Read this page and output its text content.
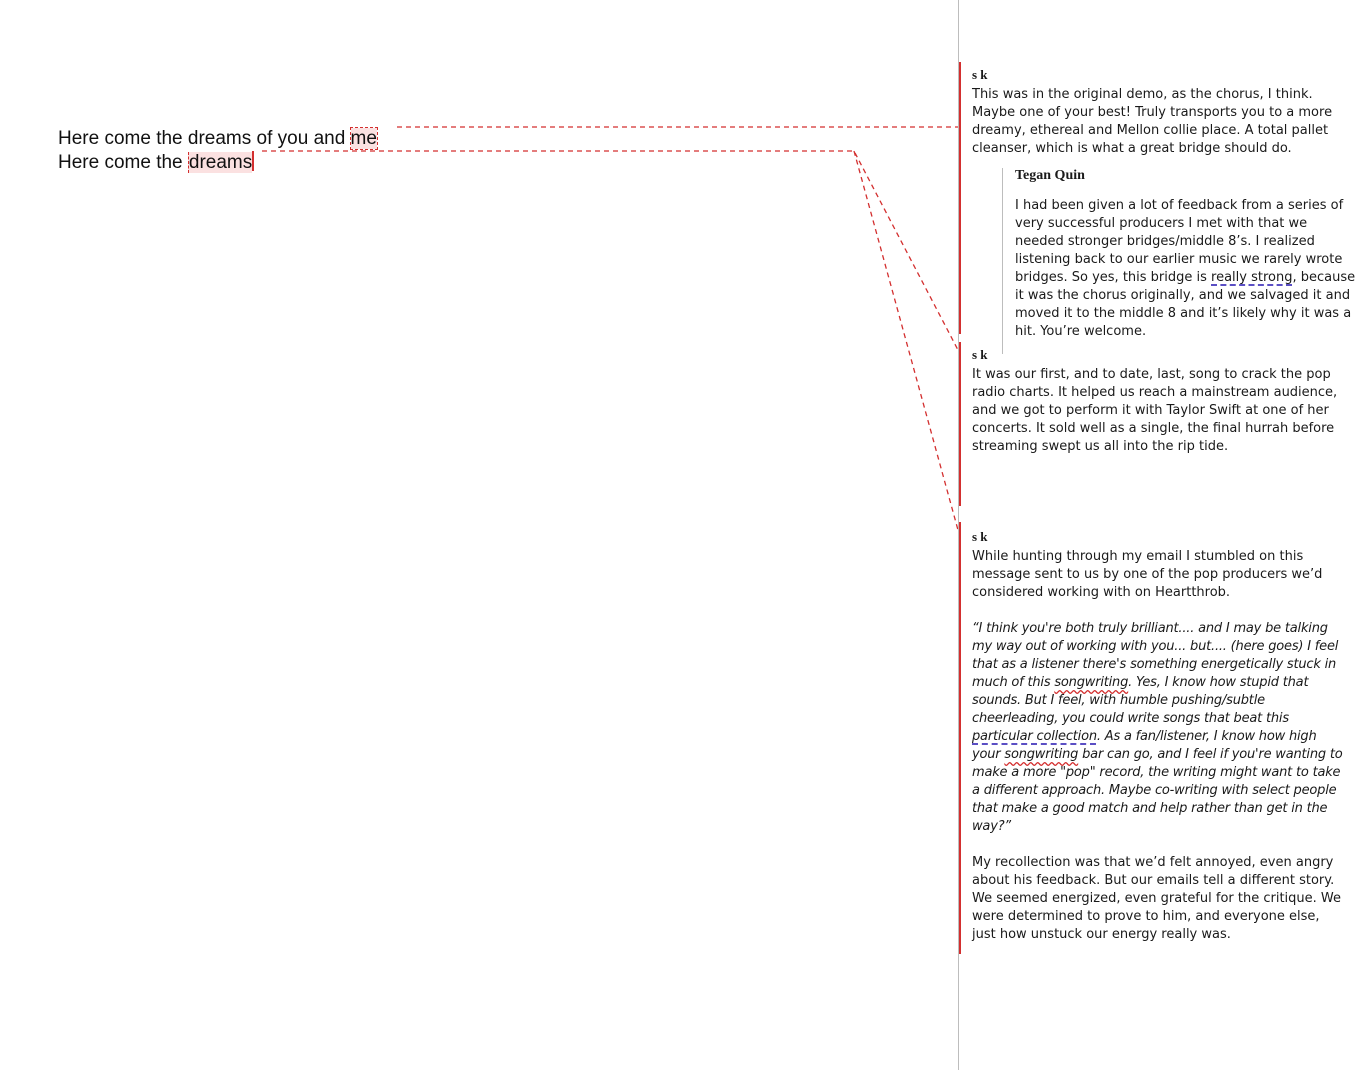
Here come the dreams of you and me
Here come the dreams
s k

This was in the original demo, as the chorus, I think. Maybe one of your best! Truly transports you to a more dreamy, ethereal and Mellon collie place. A total pallet cleanser, which is what a great bridge should do.

Tegan Quin

I had been given a lot of feedback from a series of very successful producers I met with that we needed stronger bridges/middle 8’s. I realized listening back to our earlier music we rarely wrote bridges. So yes, this bridge is really strong, because it was the chorus originally, and we salvaged it and moved it to the middle 8 and it’s likely why it was a hit. You’re welcome.

s k

It was our first, and to date, last, song to crack the pop radio charts. It helped us reach a mainstream audience, and we got to perform it with Taylor Swift at one of her concerts. It sold well as a single, the final hurrah before streaming swept us all into the rip tide.

s k

While hunting through my email I stumbled on this message sent to us by one of the pop producers we’d considered working with on Heartthrob.

“I think you're both truly brilliant.... and I may be talking my way out of working with you... but.... (here goes) I feel that as a listener there's something energetically stuck in much of this songwriting. Yes, I know how stupid that sounds. But I feel, with humble pushing/subtle cheerleading, you could write songs that beat this particular collection. As a fan/listener, I know how high your songwriting bar can go, and I feel if you're wanting to make a more "pop" record, the writing might want to take a different approach. Maybe co-writing with select people that make a good match and help rather than get in the way?”

My recollection was that we’d felt annoyed, even angry about his feedback. But our emails tell a different story. We seemed energized, even grateful for the critique. We were determined to prove to him, and everyone else, just how unstuck our energy really was.
